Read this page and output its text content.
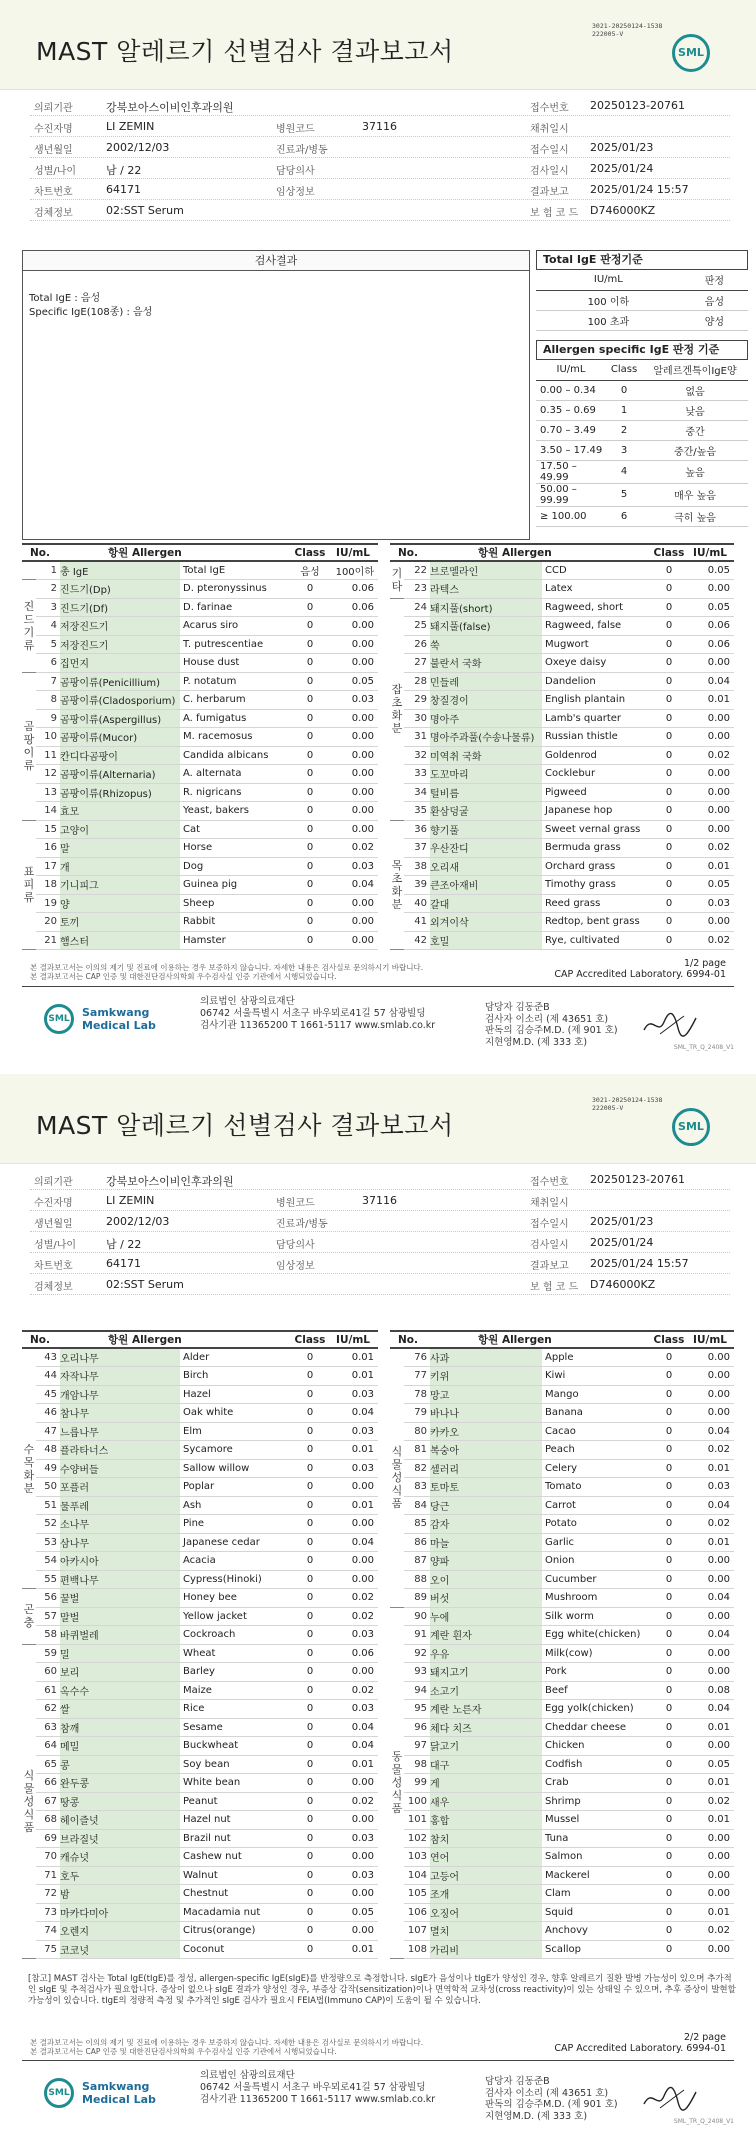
MAST 알레르기 선별검사 결과보고서
3021-20250124-1538
222005-V
SML
의뢰기관	강북보아스이비인후과의원	접수번호 20250123-20761
수진자명	LI ZEMIN	병원코드	37116	채취일시
생년월일	2002/12/03	진료과/병동	접수일시 2025/01/23
성별/나이	남 / 22	담당의사	검사일시 2025/01/24
차트번호	64171	임상정보	결과보고 2025/01/24 15:57
검체정보	02:SST Serum	보 험 코 드 D746000KZ
검사결과
Total IgE : 음성
Specific IgE(108종) : 음성
Total IgE 판정기준
IU/mL	판정
100 이하	음성
100 초과	양성
Allergen specific IgE 판정 기준
IU/mL	Class	알레르겐특이IgE양
0.00 – 0.34	0	없음
0.35 – 0.69	1	낮음
0.70 – 3.49	2	중간
3.50 – 17.49	3	중간/높음
17.50 – 49.99	4	높음
50.00 – 99.99	5	매우 높음
≥ 100.00	6	극히 높음
No.		항원 Allergen		Class	IU/mL
	1	총 IgE	Total IgE	음성	100이하
진드기류	2	진드기(Dp)	D. pteronyssinus	0	0.06
	3	진드기(Df)	D. farinae	0	0.06
	4	저장진드기	Acarus siro	0	0.00
	5	저장진드기	T. putrescentiae	0	0.00
	6	집먼지	House dust	0	0.00
곰팡이류	7	곰팡이류(Penicillium)	P. notatum	0	0.05
	8	곰팡이류(Cladosporium)	C. herbarum	0	0.03
	9	곰팡이류(Aspergillus)	A. fumigatus	0	0.00
	10	곰팡이류(Mucor)	M. racemosus	0	0.00
	11	칸디다곰팡이	Candida albicans	0	0.00
	12	곰팡이류(Alternaria)	A. alternata	0	0.00
	13	곰팡이류(Rhizopus)	R. nigricans	0	0.00
	14	효모	Yeast, bakers	0	0.00
표피류	15	고양이	Cat	0	0.00
	16	말	Horse	0	0.02
	17	개	Dog	0	0.03
	18	기니피그	Guinea pig	0	0.04
	19	양	Sheep	0	0.00
	20	토끼	Rabbit	0	0.00
	21	햄스터	Hamster	0	0.00
No.		항원 Allergen		Class	IU/mL
기타	22	브로멜라인	CCD	0	0.05
	23	라텍스	Latex	0	0.00
잡초화분	24	돼지풀(short)	Ragweed, short	0	0.05
	25	돼지풀(false)	Ragweed, false	0	0.06
	26	쑥	Mugwort	0	0.06
	27	불란서 국화	Oxeye daisy	0	0.00
	28	민들레	Dandelion	0	0.04
	29	창질경이	English plantain	0	0.01
	30	명아주	Lamb's quarter	0	0.00
	31	명아주과풀(수송나물류)	Russian thistle	0	0.00
	32	미역취 국화	Goldenrod	0	0.02
	33	도꼬마리	Cocklebur	0	0.00
	34	털비름	Pigweed	0	0.00
	35	환삼덩굴	Japanese hop	0	0.00
목초화분	36	향기풀	Sweet vernal grass	0	0.00
	37	우산잔디	Bermuda grass	0	0.02
	38	오리새	Orchard grass	0	0.01
	39	큰조아재비	Timothy grass	0	0.05
	40	갈대	Reed grass	0	0.03
	41	외겨이삭	Redtop, bent grass	0	0.00
	42	호밀	Rye, cultivated	0	0.02
본 결과보고서는 이의의 제기 및 진료에 이용하는 경우 보증하지 않습니다. 자세한 내용은 검사실로 문의하시기 바랍니다.
본 결과보고서는 CAP 인증 및 대한진단검사의학회 우수검사실 인증 기관에서 시행되었습니다.
1/2 page
CAP Accredited Laboratory. 6994-01
SML	Samkwang
Medical Lab
의료법인 삼광의료재단
06742 서울특별시 서초구 바우뫼로41길 57 삼광빌딩
검사기관 11365200 T 1661-5117 www.smlab.co.kr
담당자 김동준B
검사자 이소리 (제 43651 호)
판독의 김승주M.D. (제 901 호)
지현영M.D. (제 333 호)	SML_TR_Q_2408_V1
MAST 알레르기 선별검사 결과보고서
3021-20250124-1538
222005-V
SML
의뢰기관	강북보아스이비인후과의원	접수번호 20250123-20761
수진자명	LI ZEMIN	병원코드	37116	채취일시
생년월일	2002/12/03	진료과/병동	접수일시 2025/01/23
성별/나이	남 / 22	담당의사	검사일시 2025/01/24
차트번호	64171	임상정보	결과보고 2025/01/24 15:57
검체정보	02:SST Serum	보 험 코 드 D746000KZ
No.		항원 Allergen		Class	IU/mL
수목화분	43	오리나무	Alder	0	0.01
	44	자작나무	Birch	0	0.01
	45	개암나무	Hazel	0	0.03
	46	참나무	Oak white	0	0.04
	47	느릅나무	Elm	0	0.03
	48	플라타너스	Sycamore	0	0.01
	49	수양버들	Sallow willow	0	0.03
	50	포플러	Poplar	0	0.00
	51	물푸레	Ash	0	0.01
	52	소나무	Pine	0	0.00
	53	삼나무	Japanese cedar	0	0.04
	54	아카시아	Acacia	0	0.00
	55	편백나무	Cypress(Hinoki)	0	0.00
곤충	56	꿀벌	Honey bee	0	0.02
	57	말벌	Yellow jacket	0	0.02
	58	바퀴벌레	Cockroach	0	0.03
식물성식품	59	밀	Wheat	0	0.06
	60	보리	Barley	0	0.00
	61	옥수수	Maize	0	0.02
	62	쌀	Rice	0	0.03
	63	참깨	Sesame	0	0.04
	64	메밀	Buckwheat	0	0.04
	65	콩	Soy bean	0	0.01
	66	완두콩	White bean	0	0.00
	67	땅콩	Peanut	0	0.02
	68	헤이즐넛	Hazel nut	0	0.00
	69	브라질넛	Brazil nut	0	0.03
	70	캐슈넛	Cashew nut	0	0.00
	71	호두	Walnut	0	0.03
	72	밤	Chestnut	0	0.00
	73	마카다미아	Macadamia nut	0	0.05
	74	오렌지	Citrus(orange)	0	0.00
	75	코코넛	Coconut	0	0.01
No.		항원 Allergen		Class	IU/mL
식물성식품	76	사과	Apple	0	0.00
	77	키위	Kiwi	0	0.00
	78	망고	Mango	0	0.00
	79	바나나	Banana	0	0.00
	80	카카오	Cacao	0	0.04
	81	복숭아	Peach	0	0.02
	82	셀러리	Celery	0	0.01
	83	토마토	Tomato	0	0.03
	84	당근	Carrot	0	0.04
	85	감자	Potato	0	0.02
	86	마늘	Garlic	0	0.01
	87	양파	Onion	0	0.00
	88	오이	Cucumber	0	0.00
	89	버섯	Mushroom	0	0.04
동물성식품	90	누에	Silk worm	0	0.00
	91	계란 흰자	Egg white(chicken)	0	0.04
	92	우유	Milk(cow)	0	0.00
	93	돼지고기	Pork	0	0.00
	94	소고기	Beef	0	0.08
	95	계란 노른자	Egg yolk(chicken)	0	0.04
	96	체다 치즈	Cheddar cheese	0	0.01
	97	닭고기	Chicken	0	0.00
	98	대구	Codfish	0	0.05
	99	게	Crab	0	0.01
	100	새우	Shrimp	0	0.02
	101	홍합	Mussel	0	0.01
	102	참치	Tuna	0	0.00
	103	연어	Salmon	0	0.00
	104	고등어	Mackerel	0	0.00
	105	조개	Clam	0	0.00
	106	오징어	Squid	0	0.01
	107	멸치	Anchovy	0	0.02
	108	가리비	Scallop	0	0.00
[참고] MAST 검사는 Total IgE(tIgE)를 정성, allergen-specific IgE(sIgE)를 반정량으로 측정합니다. sIgE가 음성이나 tIgE가 양성인 경우, 향후 알레르기 질환 발병 가능성이 있으며 추가적인 sIgE 및 추적검사가 필요합니다. 증상이 없으나 sIgE 결과가 양성인 경우, 부증상 감작(sensitization)이나 면역학적 교차성(cross reactivity)이 있는 상태일 수 있으며, 추후 증상이 발현할 가능성이 있습니다. tIgE의 정량적 측정 및 추가적인 sIgE 검사가 필요시 FEIA법(Immuno CAP)이 도움이 될 수 있습니다.
본 결과보고서는 이의의 제기 및 진료에 이용하는 경우 보증하지 않습니다. 자세한 내용은 검사실로 문의하시기 바랍니다.
본 결과보고서는 CAP 인증 및 대한진단검사의학회 우수검사실 인증 기관에서 시행되었습니다.
2/2 page
CAP Accredited Laboratory. 6994-01
SML	Samkwang
Medical Lab
의료법인 삼광의료재단
06742 서울특별시 서초구 바우뫼로41길 57 삼광빌딩
검사기관 11365200 T 1661-5117 www.smlab.co.kr
담당자 김동준B
검사자 이소리 (제 43651 호)
판독의 김승주M.D. (제 901 호)
지현영M.D. (제 333 호)	SML_TR_Q_2408_V1
